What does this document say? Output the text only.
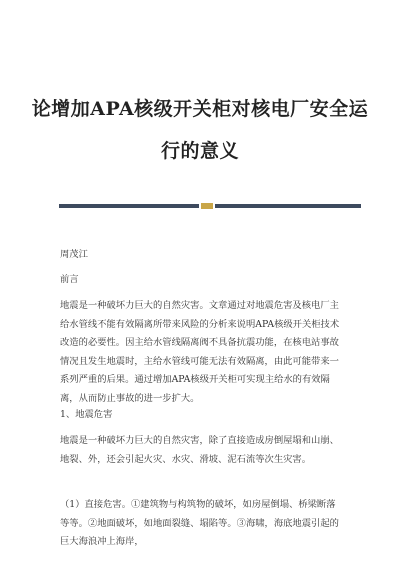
论增加APA核级开关柜对核电厂安全运
行的意义

周茂江

前言

地震是一种破坏力巨大的自然灾害。文章通过对地震危害及核电厂主给水管线不能有效隔离所带来风险的分析来说明APA核级开关柜技术改造的必要性。因主给水管线隔离阀不具备抗震功能，在核电站事故情况且发生地震时，主给水管线可能无法有效隔离，由此可能带来一系列严重的后果。通过增加APA核级开关柜可实现主给水的有效隔离，从而防止事故的进一步扩大。

1、地震危害

地震是一种破坏力巨大的自然灾害，除了直接造成房倒屋塌和山崩、地裂、外，还会引起火灾、水灾、滑坡、泥石流等次生灾害。

（1）直接危害。①建筑物与构筑物的破坏，如房屋倒塌、桥梁断落等等。②地面破坏，如地面裂缝、塌陷等。③海啸，海底地震引起的巨大海浪冲上海岸，
